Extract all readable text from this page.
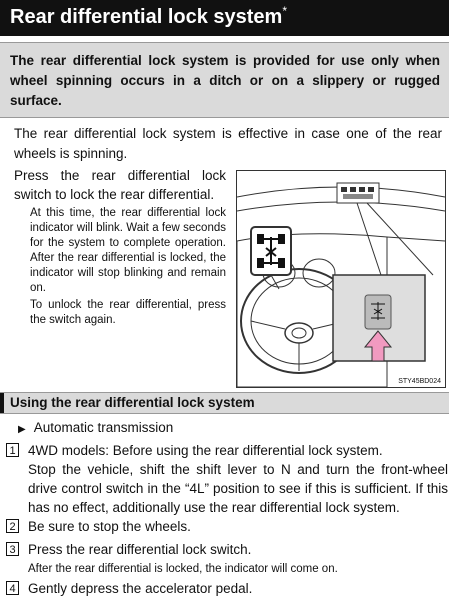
Rear differential lock system*
The rear differential lock system is provided for use only when wheel spinning occurs in a ditch or on a slippery or rugged surface.
The rear differential lock system is effective in case one of the rear wheels is spinning.
Press the rear differential lock switch to lock the rear differential.
At this time, the rear differential lock indicator will blink. Wait a few seconds for the system to complete operation. After the rear differential is locked, the indicator will stop blinking and remain on.
To unlock the rear differential, press the switch again.
STY45BD024
Using the rear differential lock system
▶ Automatic transmission
1 4WD models: Before using the rear differential lock system.
Stop the vehicle, shift the shift lever to N and turn the front-wheel drive control switch in the “4L” position to see if this is sufficient. If this has no effect, additionally use the rear differential lock system.
2 Be sure to stop the wheels.
3 Press the rear differential lock switch.
After the rear differential is locked, the indicator will come on.
4 Gently depress the accelerator pedal.
